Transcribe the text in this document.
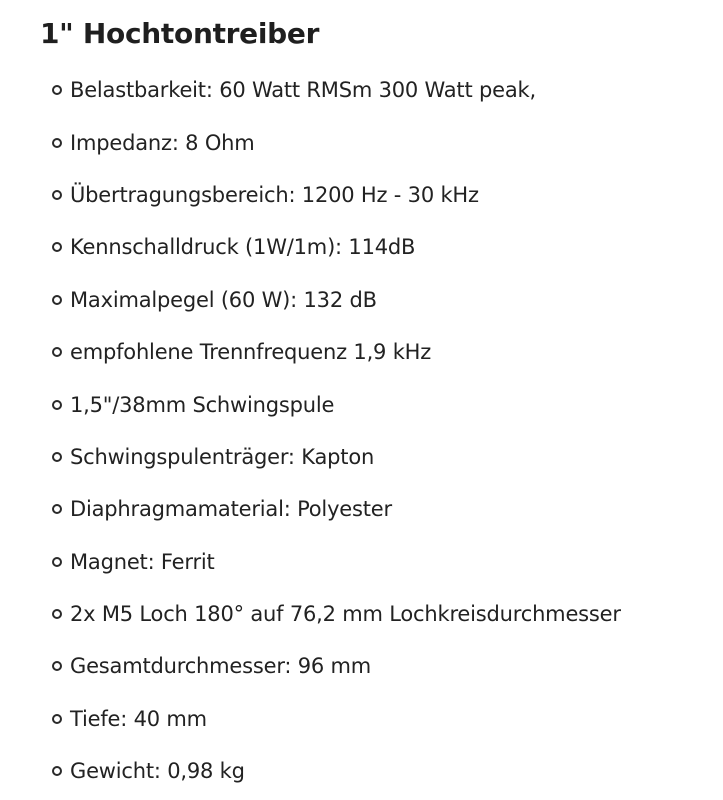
1" Hochtontreiber
Belastbarkeit: 60 Watt RMSm 300 Watt peak,
Impedanz: 8 Ohm
Übertragungsbereich: 1200 Hz - 30 kHz
Kennschalldruck (1W/1m): 114dB
Maximalpegel (60 W): 132 dB
empfohlene Trennfrequenz 1,9 kHz
1,5"/38mm Schwingspule
Schwingspulenträger: Kapton
Diaphragmamaterial: Polyester
Magnet: Ferrit
2x M5 Loch 180° auf 76,2 mm Lochkreisdurchmesser
Gesamtdurchmesser: 96 mm
Tiefe: 40 mm
Gewicht: 0,98 kg
